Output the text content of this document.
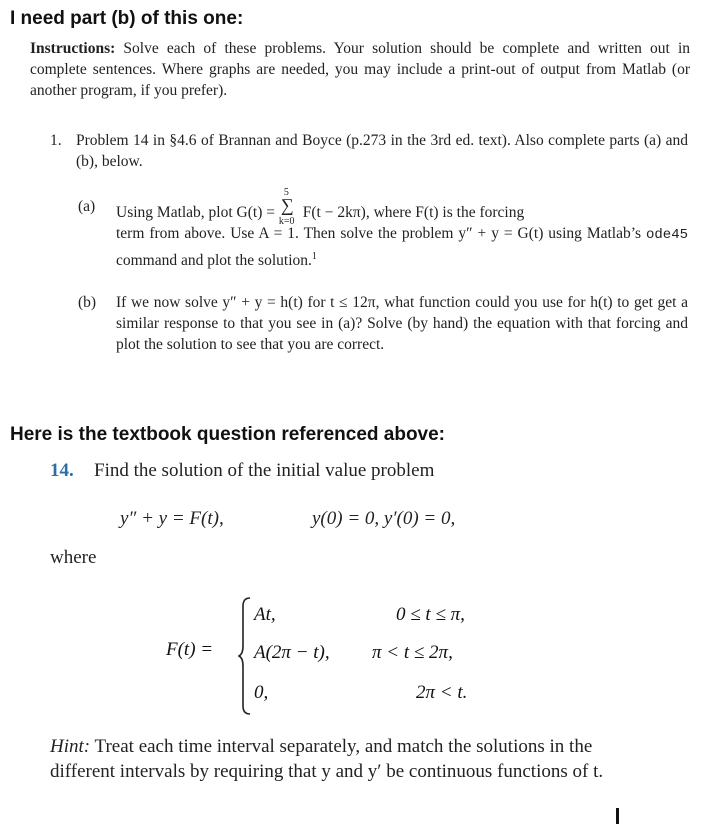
I need part (b) of this one:
Instructions: Solve each of these problems. Your solution should be complete and written out in complete sentences. Where graphs are needed, you may include a print-out of output from Matlab (or another program, if you prefer).
1. Problem 14 in §4.6 of Brannan and Boyce (p.273 in the 3rd ed. text). Also complete parts (a) and (b), below.
(a) Using Matlab, plot G(t) = ∑
5
k=0
F(t − 2kπ), where F(t) is the forcing
term from above. Use A = 1. Then solve the problem y″ + y = G(t) using Matlab’s ode45 command and plot the solution.$^1$
(b) If we now solve y″ + y = h(t) for t ≤ 12π, what function could you use for h(t) to get get a similar response to that you see in (a)? Solve (by hand) the equation with that forcing and plot the solution to see that you are correct.
Here is the textbook question referenced above:
14. Find the solution of the initial value problem
y″ + y = F(t),	y(0) = 0, y′(0) = 0,
where
F(t) =
At,	0 ≤ t ≤ π,
A(2π − t), π < t ≤ 2π,
0,	2π < t.
Hint: Treat each time interval separately, and match the solutions in the different intervals by requiring that y and y′ be continuous functions of t.
